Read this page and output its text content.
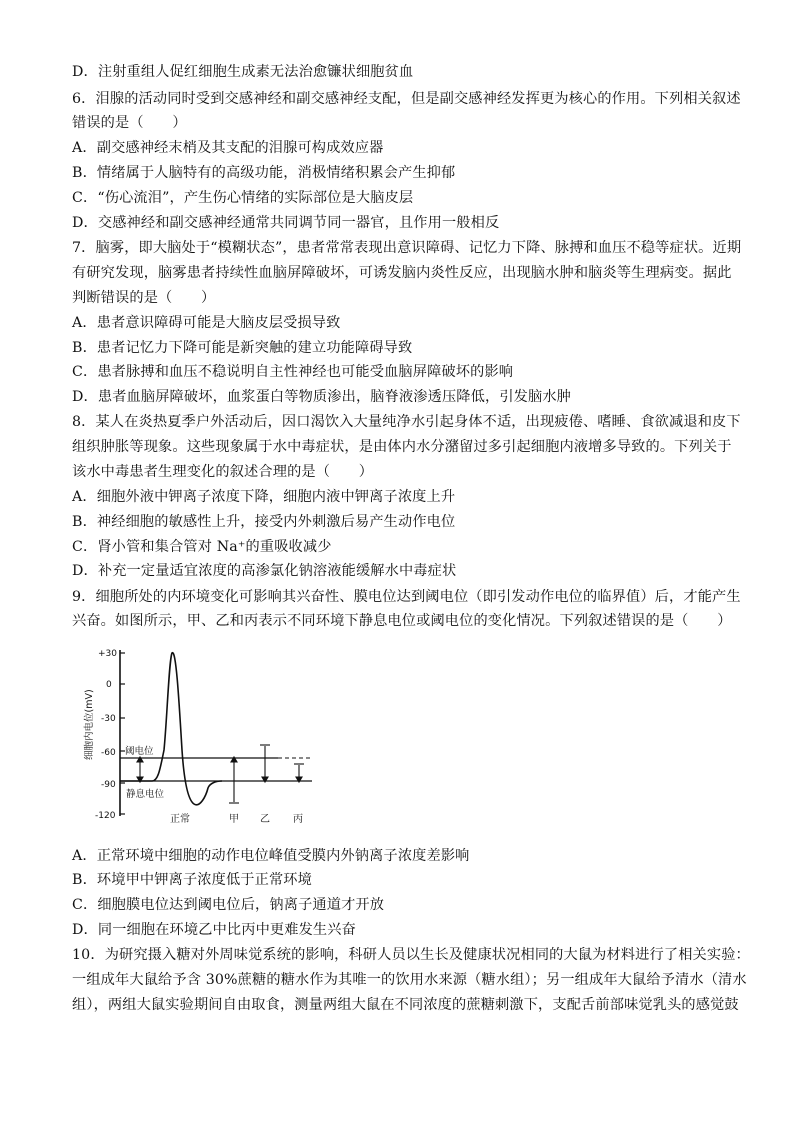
D．注射重组人促红细胞生成素无法治愈镰状细胞贫血
6．泪腺的活动同时受到交感神经和副交感神经支配，但是副交感神经发挥更为核心的作用。下列相关叙述
错误的是（　　）
A．副交感神经末梢及其支配的泪腺可构成效应器
B．情绪属于人脑特有的高级功能，消极情绪积累会产生抑郁
C．“伤心流泪”，产生伤心情绪的实际部位是大脑皮层
D．交感神经和副交感神经通常共同调节同一器官，且作用一般相反
7．脑雾，即大脑处于“模糊状态”，患者常常表现出意识障碍、记忆力下降、脉搏和血压不稳等症状。近期
有研究发现，脑雾患者持续性血脑屏障破坏，可诱发脑内炎性反应，出现脑水肿和脑炎等生理病变。据此
判断错误的是（　　）
A．患者意识障碍可能是大脑皮层受损导致
B．患者记忆力下降可能是新突触的建立功能障碍导致
C．患者脉搏和血压不稳说明自主性神经也可能受血脑屏障破坏的影响
D．患者血脑屏障破坏，血浆蛋白等物质渗出，脑脊液渗透压降低，引发脑水肿
8．某人在炎热夏季户外活动后，因口渴饮入大量纯净水引起身体不适，出现疲倦、嗜睡、食欲减退和皮下
组织肿胀等现象。这些现象属于水中毒症状，是由体内水分潴留过多引起细胞内液增多导致的。下列关于
该水中毒患者生理变化的叙述合理的是（　　）
A．细胞外液中钾离子浓度下降，细胞内液中钾离子浓度上升
B．神经细胞的敏感性上升，接受内外刺激后易产生动作电位
C．肾小管和集合管对 Na⁺的重吸收减少
D．补充一定量适宜浓度的高渗氯化钠溶液能缓解水中毒症状
9．细胞所处的内环境变化可影响其兴奋性、膜电位达到阈电位（即引发动作电位的临界值）后，才能产生
兴奋。如图所示，甲、乙和丙表示不同环境下静息电位或阈电位的变化情况。下列叙述错误的是（　　）
细胞内电位(mV)
+30
0
-30
-60
-90
-120
阈电位
静息电位
正常	甲 乙 丙
A．正常环境中细胞的动作电位峰值受膜内外钠离子浓度差影响
B．环境甲中钾离子浓度低于正常环境
C．细胞膜电位达到阈电位后，钠离子通道才开放
D．同一细胞在环境乙中比丙中更难发生兴奋
10．为研究摄入糖对外周味觉系统的影响，科研人员以生长及健康状况相同的大鼠为材料进行了相关实验：
一组成年大鼠给予含 30%蔗糖的糖水作为其唯一的饮用水来源（糖水组）；另一组成年大鼠给予清水（清水
组），两组大鼠实验期间自由取食，测量两组大鼠在不同浓度的蔗糖刺激下，支配舌前部味觉乳头的感觉鼓
